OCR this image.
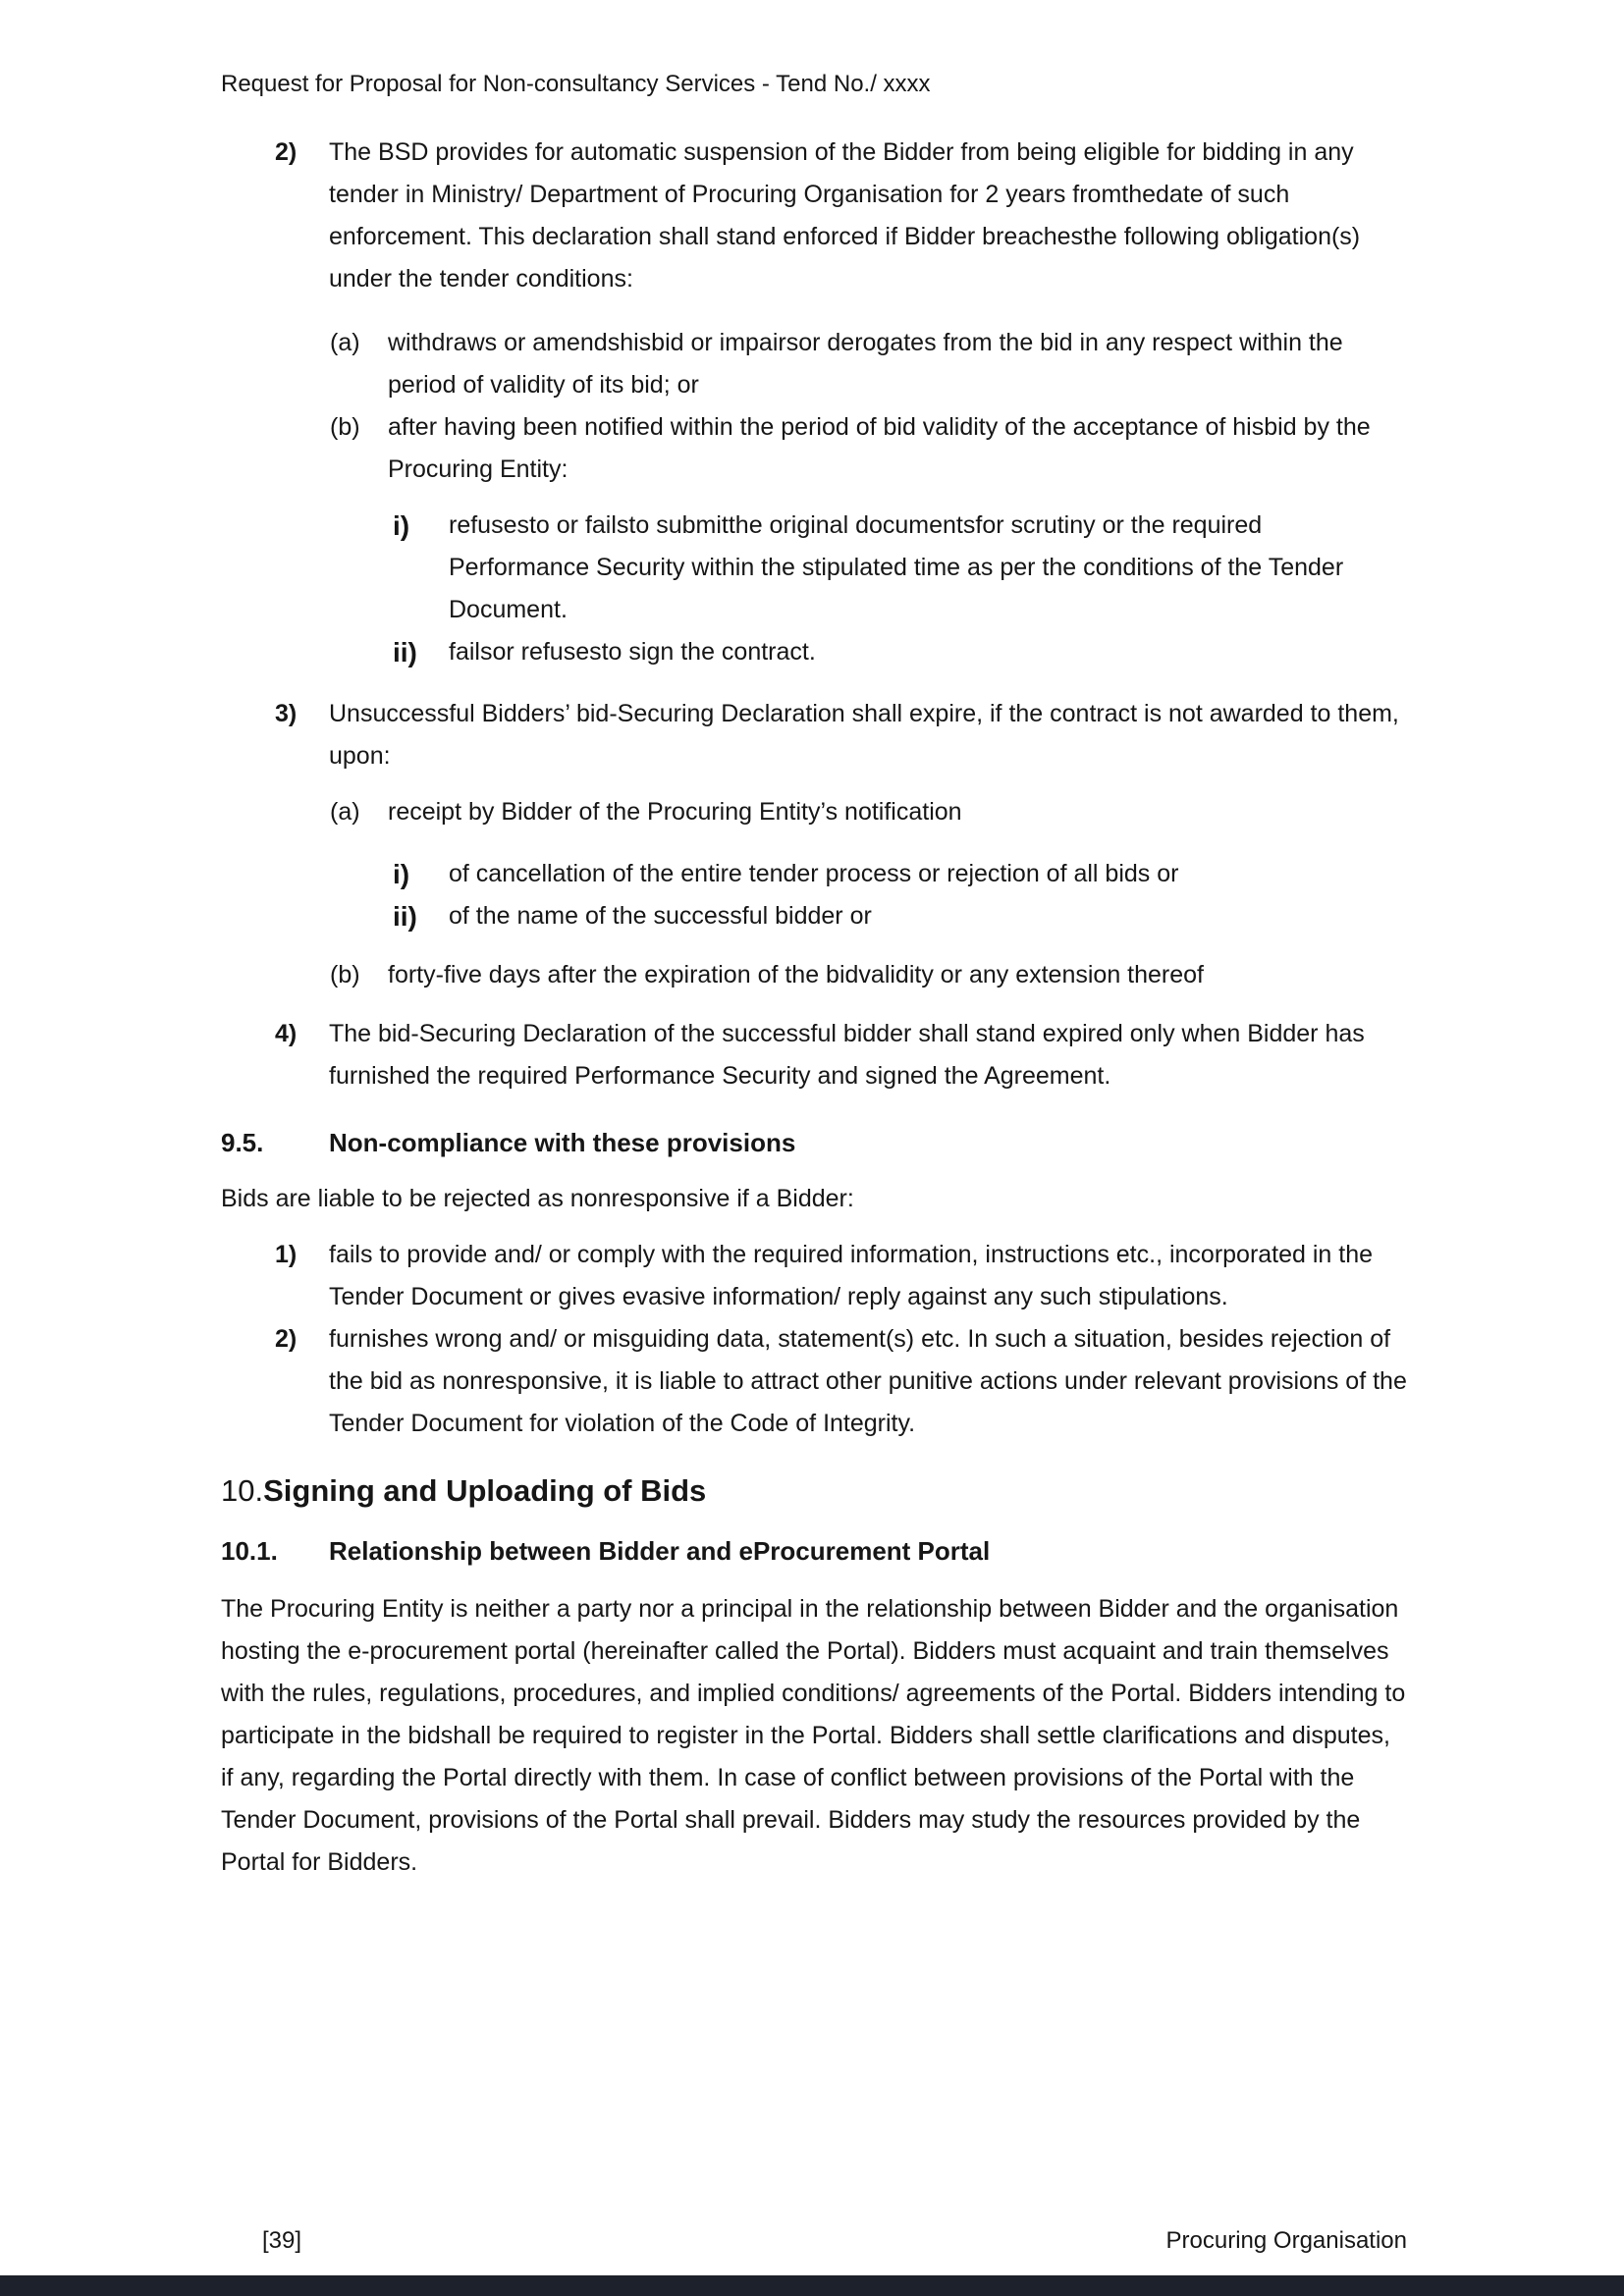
Request for Proposal for Non-consultancy Services - Tend No./ xxxx
2)	The BSD provides for automatic suspension of the Bidder from being eligible for bidding in any tender in Ministry/ Department of Procuring Organisation for 2 years fromthedate of such enforcement. This declaration shall stand enforced if Bidder breachesthe following obligation(s) under the tender conditions:
(a)	withdraws or amendshisbid or impairsor derogates from the bid in any respect within the period of validity of its bid; or
(b)	after having been notified within the period of bid validity of the acceptance of hisbid by the Procuring Entity:
i)	refusesto or failsto submitthe original documentsfor scrutiny or the required Performance Security within the stipulated time as per the conditions of the Tender Document.
ii)	failsor refusesto sign the contract.
3)	Unsuccessful Bidders’ bid-Securing Declaration shall expire, if the contract is not awarded to them, upon:
(a)	receipt by Bidder of the Procuring Entity’s notification
i)	of cancellation of the entire tender process or rejection of all bids or
ii)	of the name of the successful bidder or
(b)	forty-five days after the expiration of the bidvalidity or any extension thereof
4)	The bid-Securing Declaration of the successful bidder shall stand expired only when Bidder has furnished the required Performance Security and signed the Agreement.
9.5.	Non-compliance with these provisions

Bids are liable to be rejected as nonresponsive if a Bidder:

1)	fails to provide and/ or comply with the required information, instructions etc., incorporated in the Tender Document or gives evasive information/ reply against any such stipulations.
2)	furnishes wrong and/ or misguiding data, statement(s) etc. In such a situation, besides rejection of the bid as nonresponsive, it is liable to attract other punitive actions under relevant provisions of the Tender Document for violation of the Code of Integrity.
10.Signing and Uploading of Bids
10.1.	Relationship between Bidder and eProcurement Portal

The Procuring Entity is neither a party nor a principal in the relationship between Bidder and the organisation hosting the e-procurement portal (hereinafter called the Portal). Bidders must acquaint and train themselves with the rules, regulations, procedures, and implied conditions/ agreements of the Portal. Bidders intending to participate in the bidshall be required to register in the Portal. Bidders shall settle clarifications and disputes, if any, regarding the Portal directly with them. In case of conflict between provisions of the Portal with the Tender Document, provisions of the Portal shall prevail. Bidders may study the resources provided by the Portal for Bidders.

[39]	Procuring Organisation
